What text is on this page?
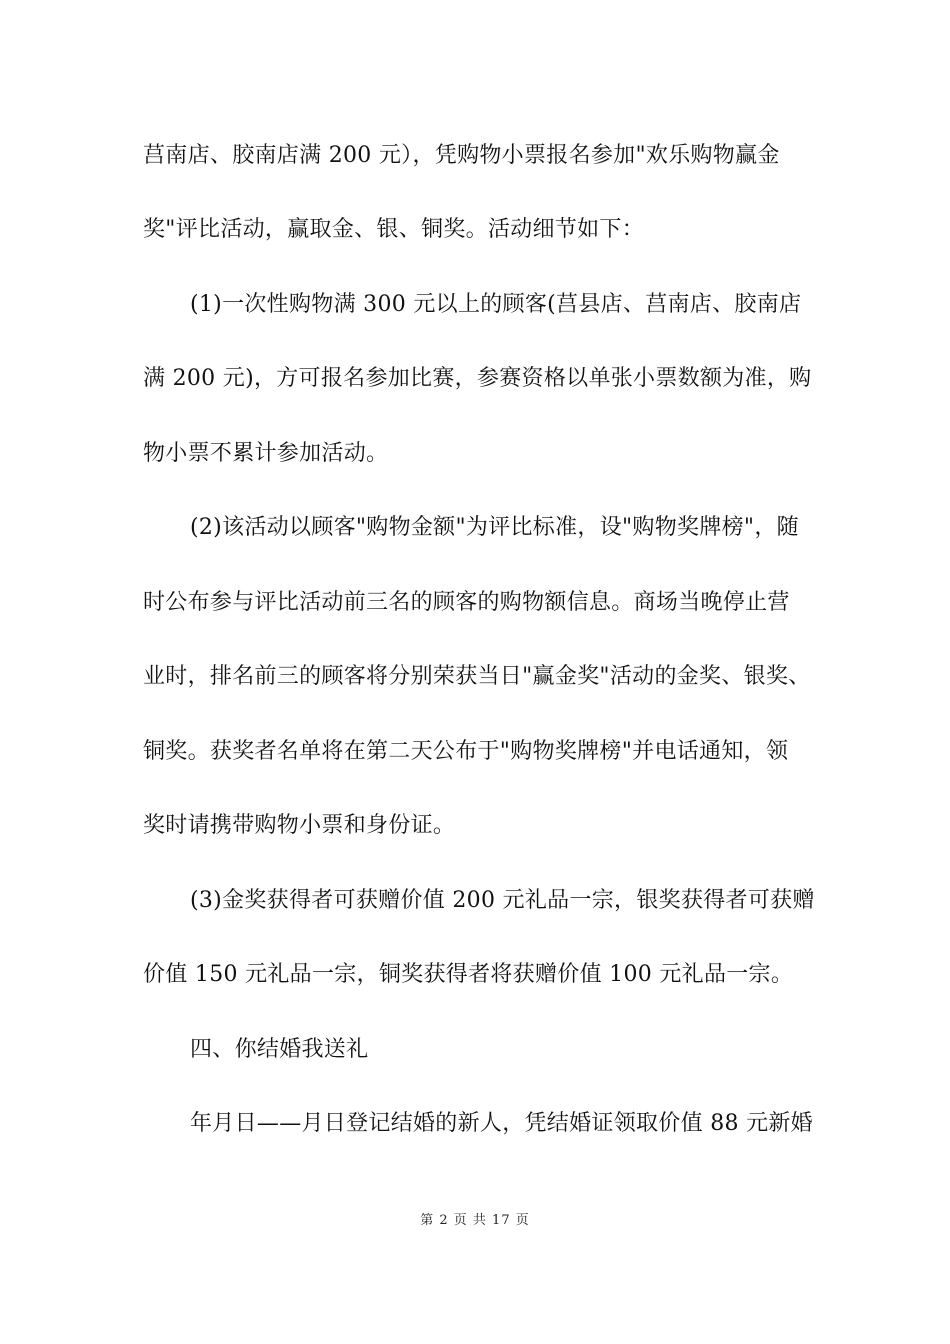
莒南店、胶南店满 200 元），凭购物小票报名参加"欢乐购物赢金
奖"评比活动，赢取金、银、铜奖。活动细节如下：
(1)一次性购物满 300 元以上的顾客(莒县店、莒南店、胶南店
满 200 元)，方可报名参加比赛，参赛资格以单张小票数额为准，购
物小票不累计参加活动。
(2)该活动以顾客"购物金额"为评比标准，设"购物奖牌榜"，随
时公布参与评比活动前三名的顾客的购物额信息。商场当晚停止营
业时，排名前三的顾客将分别荣获当日"赢金奖"活动的金奖、银奖、
铜奖。获奖者名单将在第二天公布于"购物奖牌榜"并电话通知，领
奖时请携带购物小票和身份证。
(3)金奖获得者可获赠价值 200 元礼品一宗，银奖获得者可获赠
价值 150 元礼品一宗，铜奖获得者将获赠价值 100 元礼品一宗。
四、你结婚我送礼
年月日——月日登记结婚的新人，凭结婚证领取价值 88 元新婚
第 2 页 共 17 页
